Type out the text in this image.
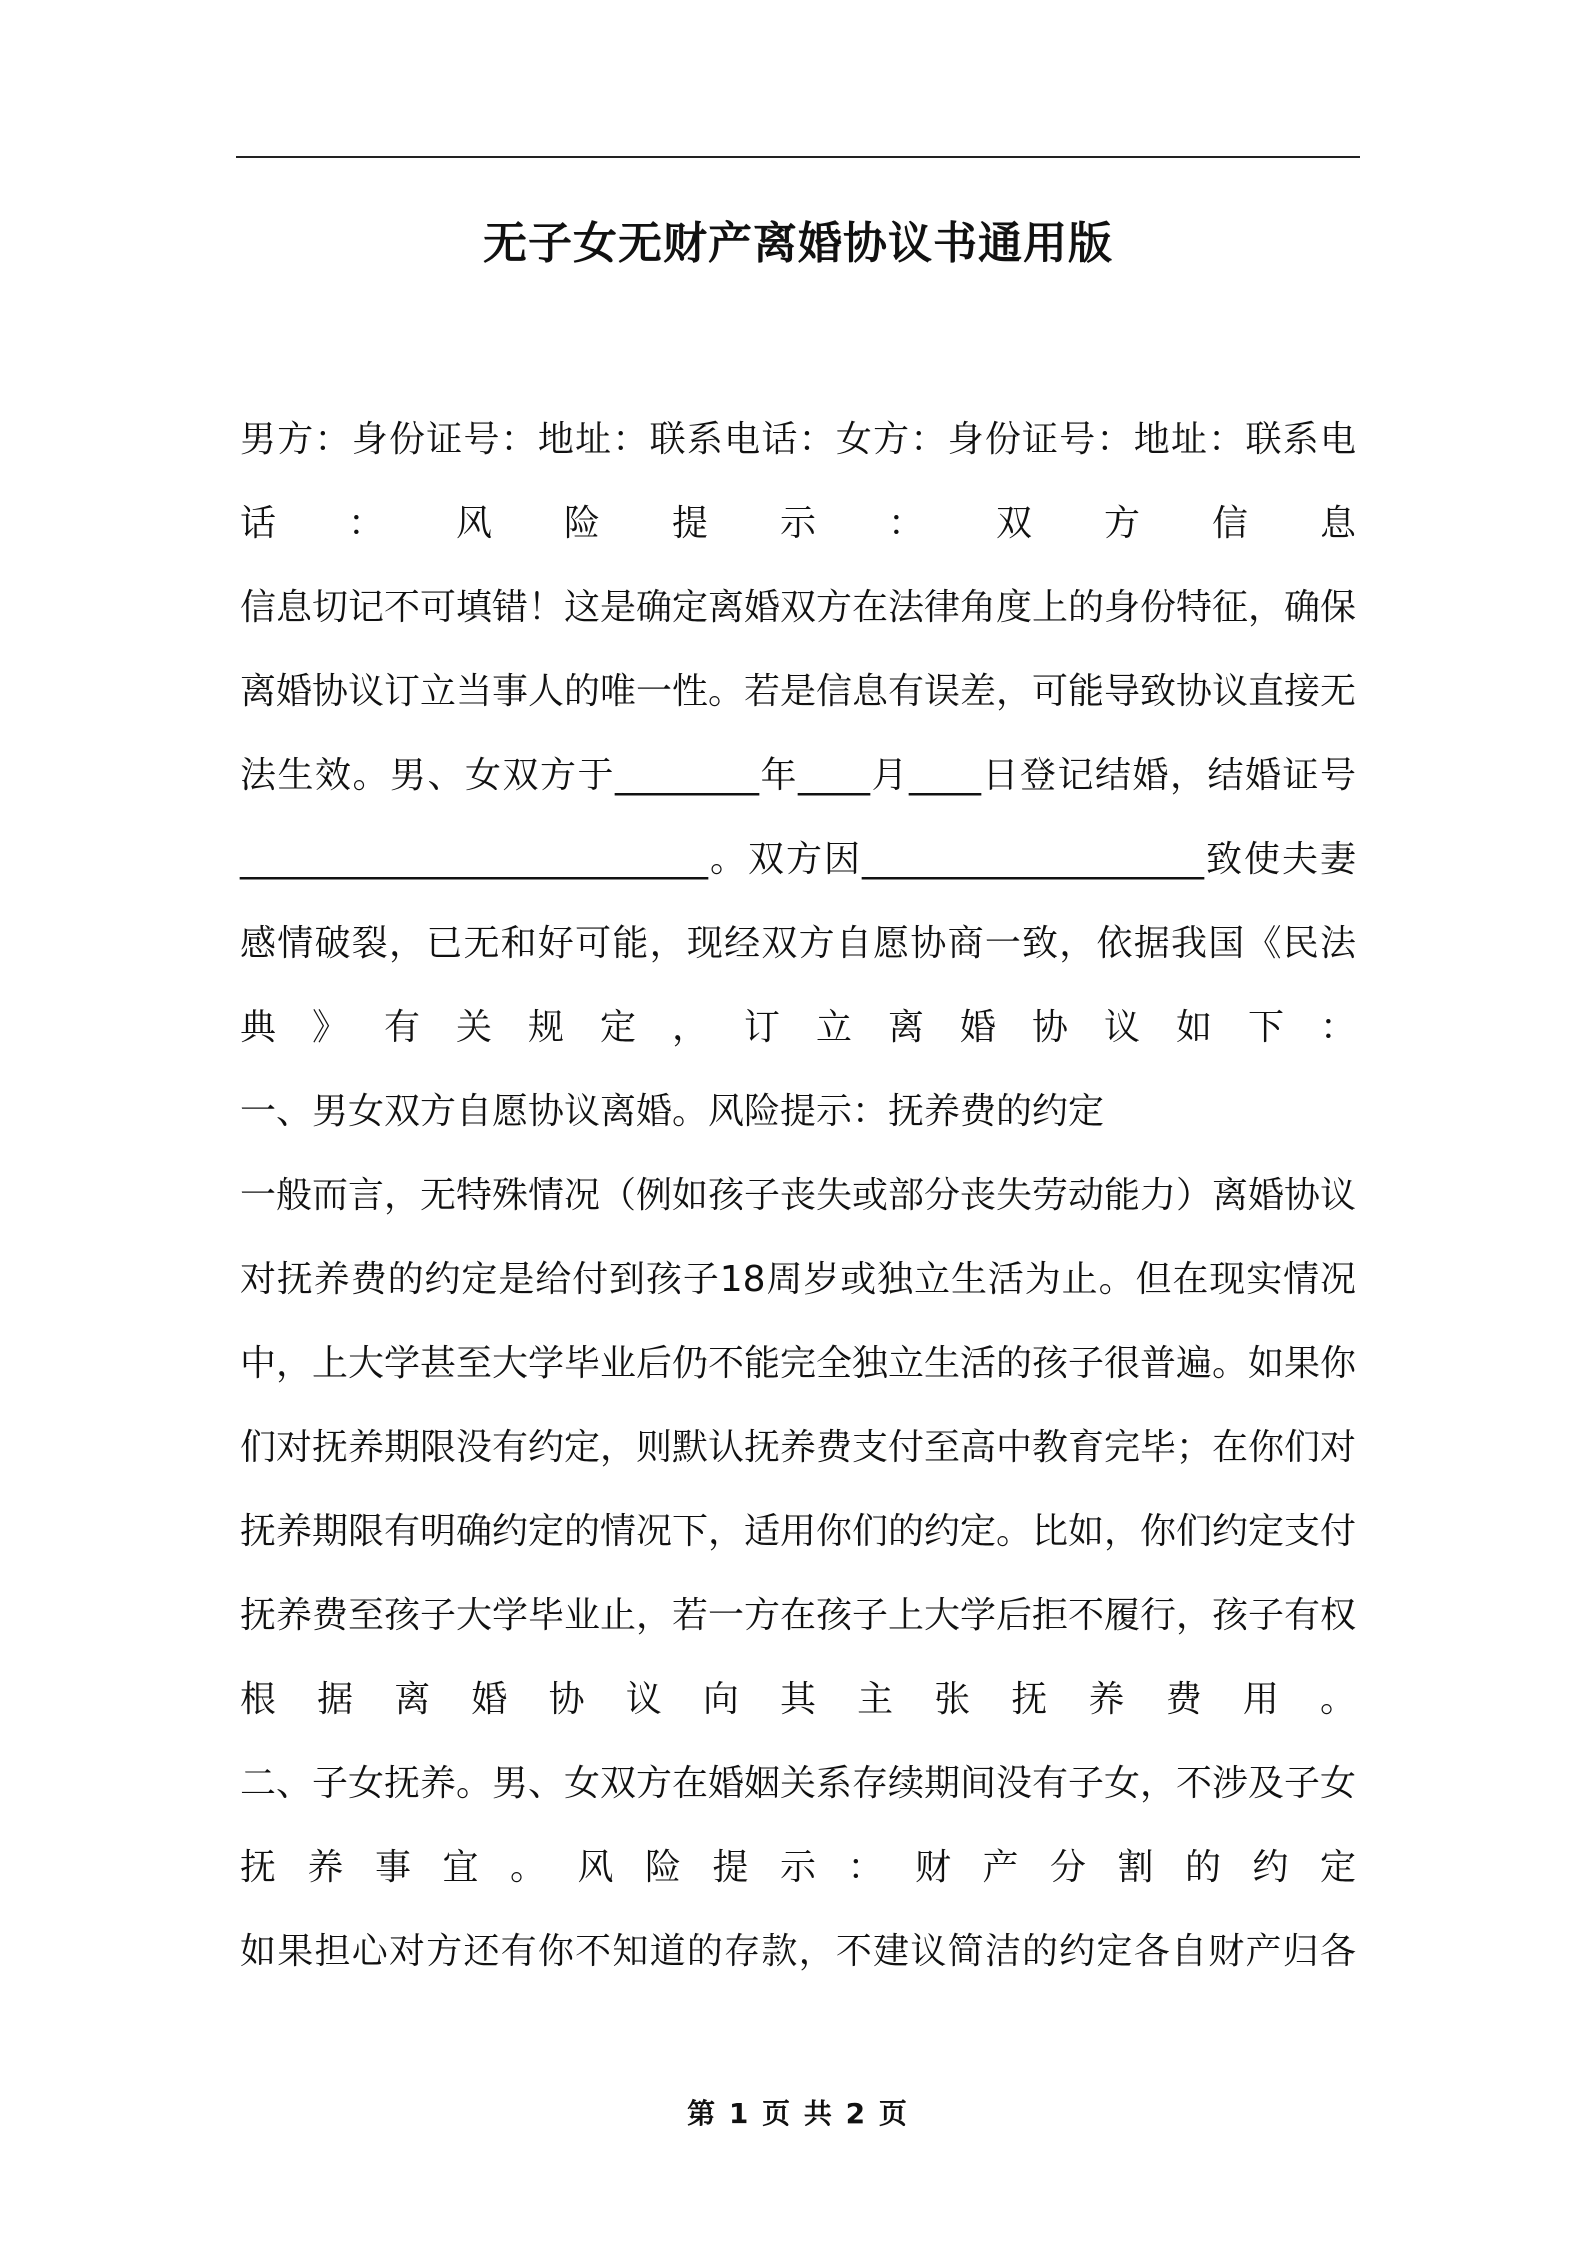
无子女无财产离婚协议书通用版

男方：身份证号：地址：联系电话：女方：身份证号：地址：联系电话：风险提示：双方信息

信息切记不可填错！这是确定离婚双方在法律角度上的身份特征，确保离婚协议订立当事人的唯一性。若是信息有误差，可能导致协议直接无法生效。男、女双方于________年____月____日登记结婚，结婚证号__________________________。双方因___________________致使夫妻感情破裂，已无和好可能，现经双方自愿协商一致，依据我国《民法典》有关规定，订立离婚协议如下：

一、男女双方自愿协议离婚。风险提示：抚养费的约定

一般而言，无特殊情况（例如孩子丧失或部分丧失劳动能力）离婚协议对抚养费的约定是给付到孩子18周岁或独立生活为止。但在现实情况中，上大学甚至大学毕业后仍不能完全独立生活的孩子很普遍。如果你们对抚养期限没有约定，则默认抚养费支付至高中教育完毕；在你们对抚养期限有明确约定的情况下，适用你们的约定。比如，你们约定支付抚养费至孩子大学毕业止，若一方在孩子上大学后拒不履行，孩子有权根据离婚协议向其主张抚养费用。

二、子女抚养。男、女双方在婚姻关系存续期间没有子女，不涉及子女抚养事宜。风险提示：财产分割的约定

如果担心对方还有你不知道的存款，不建议简洁的约定各自财产归各

第 1 页 共 2 页
